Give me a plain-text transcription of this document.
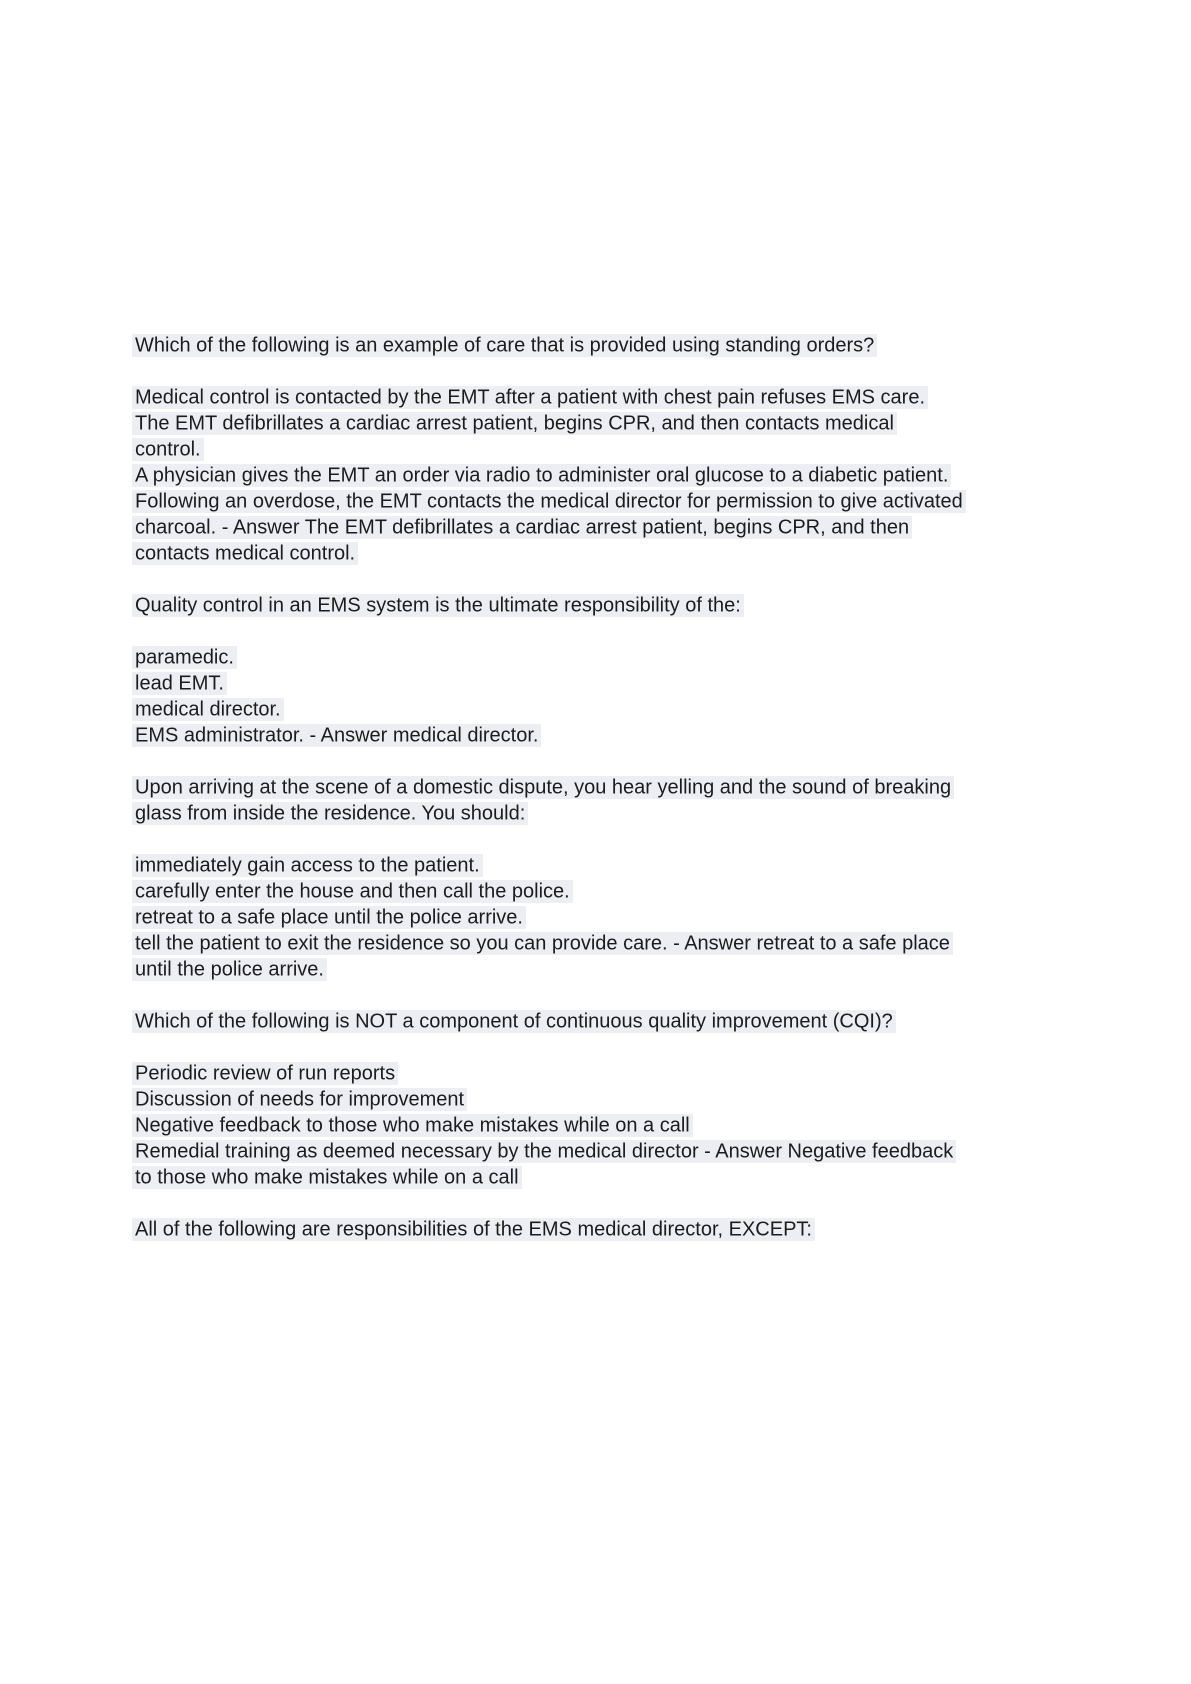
Which of the following is an example of care that is provided using standing orders?

Medical control is contacted by the EMT after a patient with chest pain refuses EMS care.

The EMT defibrillates a cardiac arrest patient, begins CPR, and then contacts medical control.

A physician gives the EMT an order via radio to administer oral glucose to a diabetic patient.

Following an overdose, the EMT contacts the medical director for permission to give activated charcoal. - Answer The EMT defibrillates a cardiac arrest patient, begins CPR, and then contacts medical control.

Quality control in an EMS system is the ultimate responsibility of the:

paramedic.

lead EMT.

medical director.

EMS administrator. - Answer medical director.

Upon arriving at the scene of a domestic dispute, you hear yelling and the sound of breaking glass from inside the residence. You should:

immediately gain access to the patient.

carefully enter the house and then call the police.

retreat to a safe place until the police arrive.

tell the patient to exit the residence so you can provide care. - Answer retreat to a safe place until the police arrive.

Which of the following is NOT a component of continuous quality improvement (CQI)?

Periodic review of run reports

Discussion of needs for improvement

Negative feedback to those who make mistakes while on a call

Remedial training as deemed necessary by the medical director - Answer Negative feedback to those who make mistakes while on a call

All of the following are responsibilities of the EMS medical director, EXCEPT:
